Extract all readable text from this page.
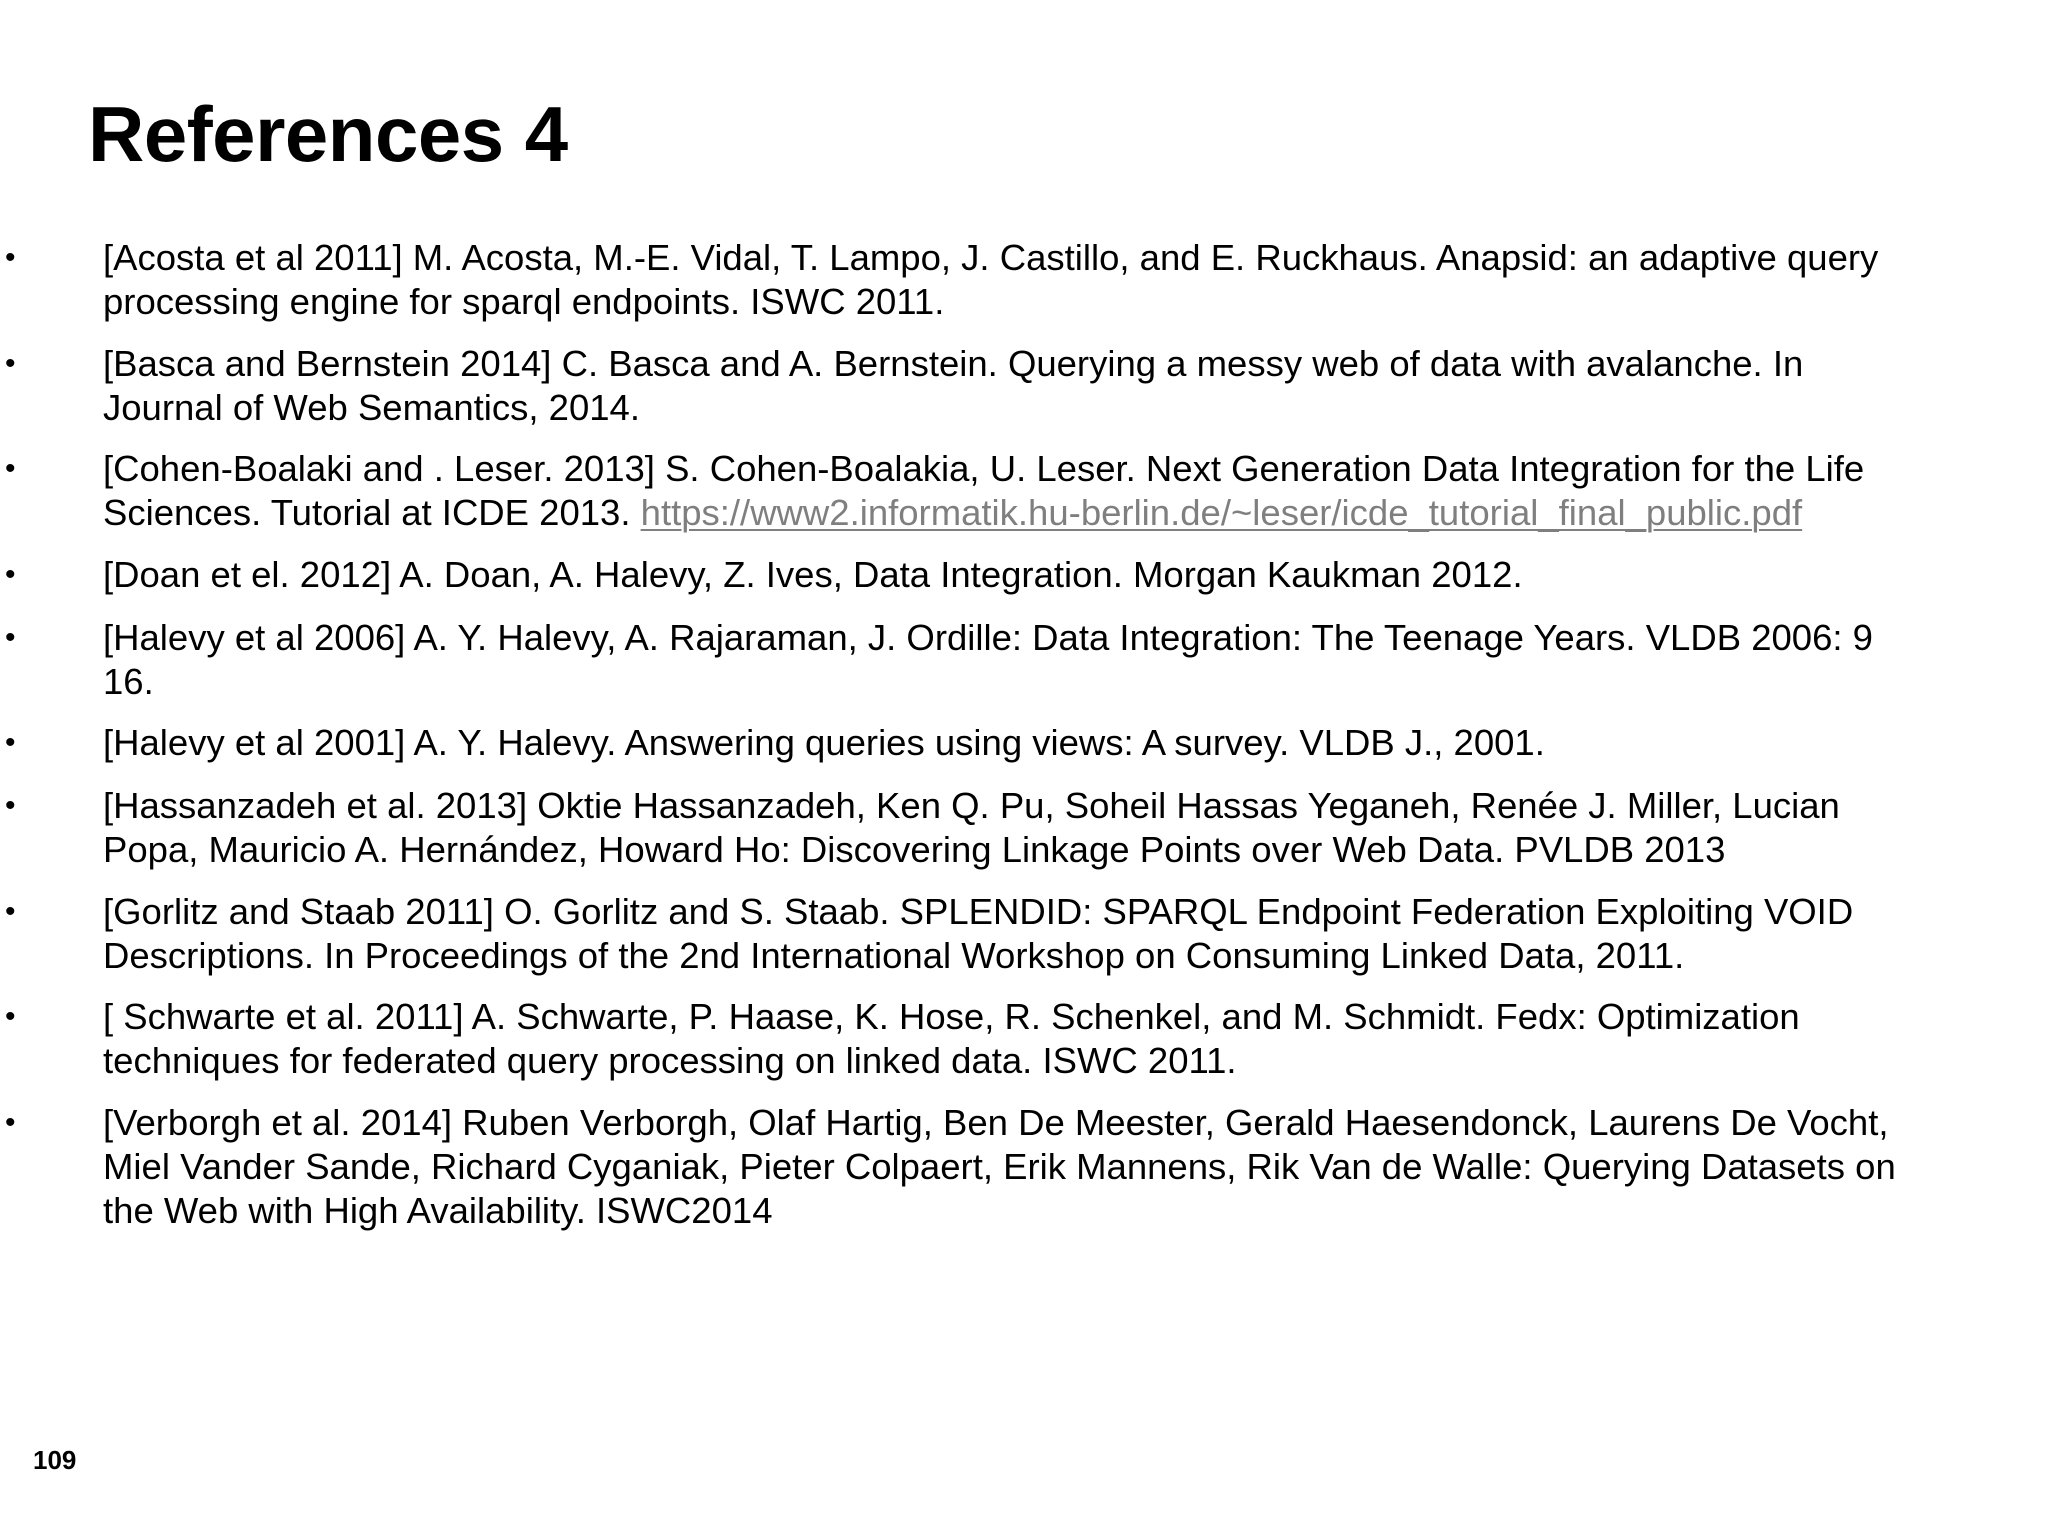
References 4
• [Acosta et al 2011] M. Acosta, M.-E. Vidal, T. Lampo, J. Castillo, and E. Ruckhaus. Anapsid: an adaptive query
processing engine for sparql endpoints. ISWC 2011.
• [Basca and Bernstein 2014] C. Basca and A. Bernstein. Querying a messy web of data with avalanche. In
Journal of Web Semantics, 2014.
• [Cohen-Boalaki and . Leser. 2013] S. Cohen-Boalakia, U. Leser. Next Generation Data Integration for the Life
Sciences. Tutorial at ICDE 2013. https://www2.informatik.hu-berlin.de/~leser/icde_tutorial_final_public.pdf
• [Doan et el. 2012] A. Doan, A. Halevy, Z. Ives, Data Integration. Morgan Kaukman 2012.
• [Halevy et al 2006] A. Y. Halevy, A. Rajaraman, J. Ordille: Data Integration: The Teenage Years. VLDB 2006: 9
16.
• [Halevy et al 2001] A. Y. Halevy. Answering queries using views: A survey. VLDB J., 2001.
• [Hassanzadeh et al. 2013] Oktie Hassanzadeh, Ken Q. Pu, Soheil Hassas Yeganeh, Renée J. Miller, Lucian
Popa, Mauricio A. Hernández, Howard Ho: Discovering Linkage Points over Web Data. PVLDB 2013
• [Gorlitz and Staab 2011] O. Gorlitz and S. Staab. SPLENDID: SPARQL Endpoint Federation Exploiting VOID
Descriptions. In Proceedings of the 2nd International Workshop on Consuming Linked Data, 2011.
• [ Schwarte et al. 2011] A. Schwarte, P. Haase, K. Hose, R. Schenkel, and M. Schmidt. Fedx: Optimization
techniques for federated query processing on linked data. ISWC 2011.
• [Verborgh et al. 2014] Ruben Verborgh, Olaf Hartig, Ben De Meester, Gerald Haesendonck, Laurens De Vocht,
Miel Vander Sande, Richard Cyganiak, Pieter Colpaert, Erik Mannens, Rik Van de Walle: Querying Datasets on
the Web with High Availability. ISWC2014
109
